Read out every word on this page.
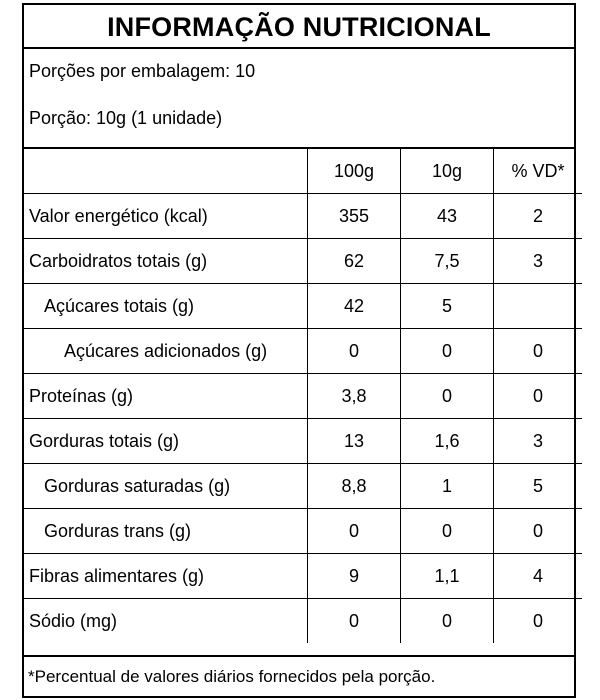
INFORMAÇÃO NUTRICIONAL
Porções por embalagem: 10
Porção: 10g (1 unidade)
	100g	10g	% VD*
Valor energético (kcal)	355	43	2
Carboidratos totais (g)	62	7,5	3
Açúcares totais (g)	42	5	
Açúcares adicionados (g)	0	0	0
Proteínas (g)	3,8	0	0
Gorduras totais (g)	13	1,6	3
Gorduras saturadas (g)	8,8	1	5
Gorduras trans (g)	0	0	0
Fibras alimentares (g)	9	1,1	4
Sódio (mg)	0	0	0
*Percentual de valores diários fornecidos pela porção.
